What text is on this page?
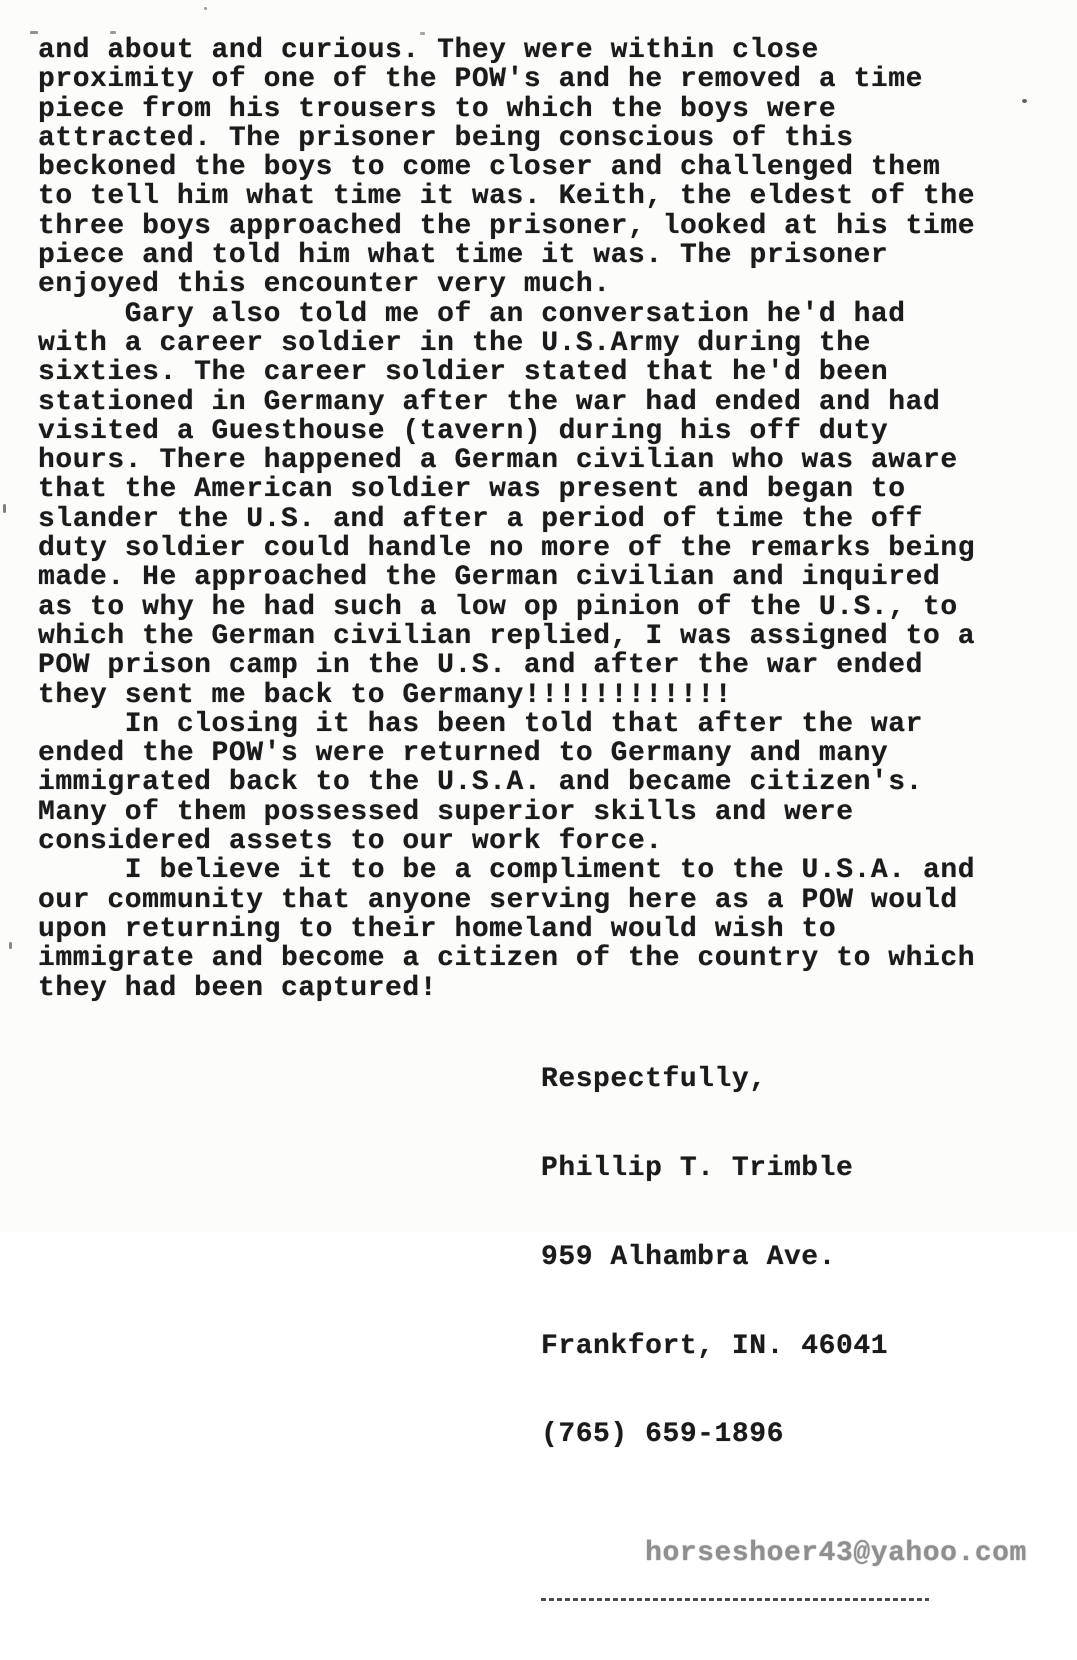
and about and curious. They were within close
proximity of one of the POW's and he removed a time
piece from his trousers to which the boys were
attracted. The prisoner being conscious of this
beckoned the boys to come closer and challenged them
to tell him what time it was. Keith, the eldest of the
three boys approached the prisoner, looked at his time
piece and told him what time it was. The prisoner
enjoyed this encounter very much.
Gary also told me of an conversation he'd had
with a career soldier in the U.S.Army during the
sixties. The career soldier stated that he'd been
stationed in Germany after the war had ended and had
visited a Guesthouse (tavern) during his off duty
hours. There happened a German civilian who was aware
that the American soldier was present and began to
slander the U.S. and after a period of time the off
duty soldier could handle no more of the remarks being
made. He approached the German civilian and inquired
as to why he had such a low op pinion of the U.S., to
which the German civilian replied, I was assigned to a
POW prison camp in the U.S. and after the war ended
they sent me back to Germany!!!!!!!!!!!!
In closing it has been told that after the war
ended the POW's were returned to Germany and many
immigrated back to the U.S.A. and became citizen's.
Many of them possessed superior skills and were
considered assets to our work force.
I believe it to be a compliment to the U.S.A. and
our community that anyone serving here as a POW would
upon returning to their homeland would wish to
immigrate and become a citizen of the country to which
they had been captured!

Respectfully,

Phillip T. Trimble

959 Alhambra Ave.

Frankfort, IN. 46041

(765) 659-1896

horseshoer43@yahoo.com
